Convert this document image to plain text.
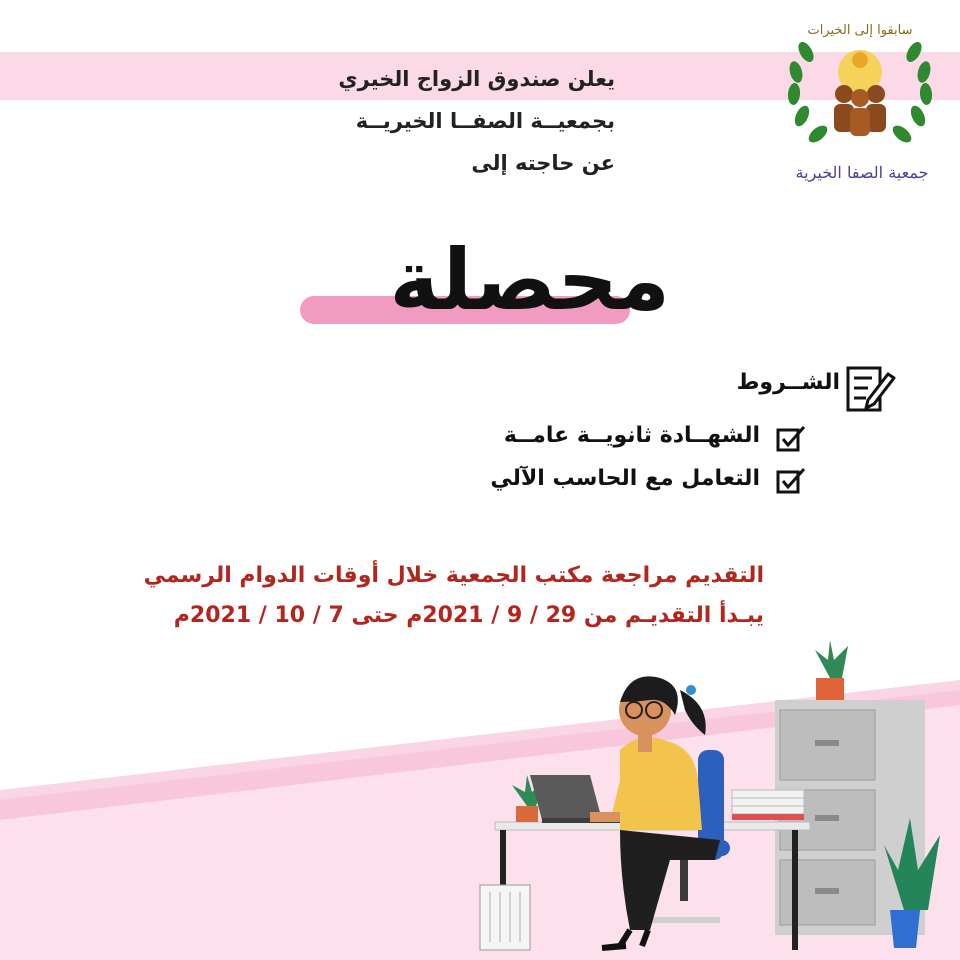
سابقوا إلى الخيرات
جمعية الصفا الخيرية
يعلن صندوق الزواج الخيري
بجمعيــة الصفــا الخيريــة
عن حاجته إلى
محصلة
الشــروط
الشهــادة ثانويــة عامــة
التعامل مع الحاسب الآلي
التقديم مراجعة مكتب الجمعية خلال أوقات الدوام الرسمي
يبـدأ التقديـم من 29 / 9 / 2021م حتى 7 / 10 / 2021م
